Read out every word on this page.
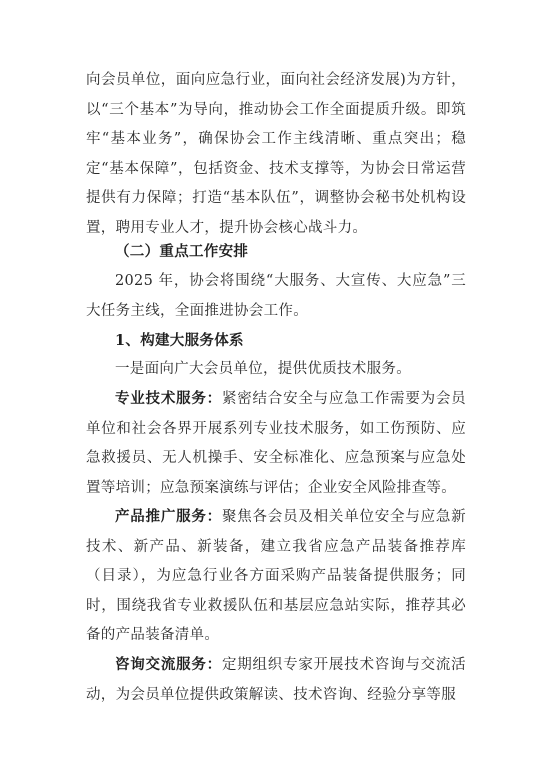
向会员单位，面向应急行业，面向社会经济发展)为方针，以“三个基本”为导向，推动协会工作全面提质升级。即筑牢“基本业务”，确保协会工作主线清晰、重点突出；稳定“基本保障”，包括资金、技术支撑等，为协会日常运营提供有力保障；打造“基本队伍”，调整协会秘书处机构设置，聘用专业人才，提升协会核心战斗力。

（二）重点工作安排

2025 年，协会将围绕“大服务、大宣传、大应急”三大任务主线，全面推进协会工作。

1、构建大服务体系

一是面向广大会员单位，提供优质技术服务。

专业技术服务：紧密结合安全与应急工作需要为会员单位和社会各界开展系列专业技术服务，如工伤预防、应急救援员、无人机操手、安全标准化、应急预案与应急处置等培训；应急预案演练与评估；企业安全风险排查等。

产品推广服务：聚焦各会员及相关单位安全与应急新技术、新产品、新装备，建立我省应急产品装备推荐库（目录），为应急行业各方面采购产品装备提供服务；同时，围绕我省专业救援队伍和基层应急站实际，推荐其必备的产品装备清单。

咨询交流服务：定期组织专家开展技术咨询与交流活动，为会员单位提供政策解读、技术咨询、经验分享等服
